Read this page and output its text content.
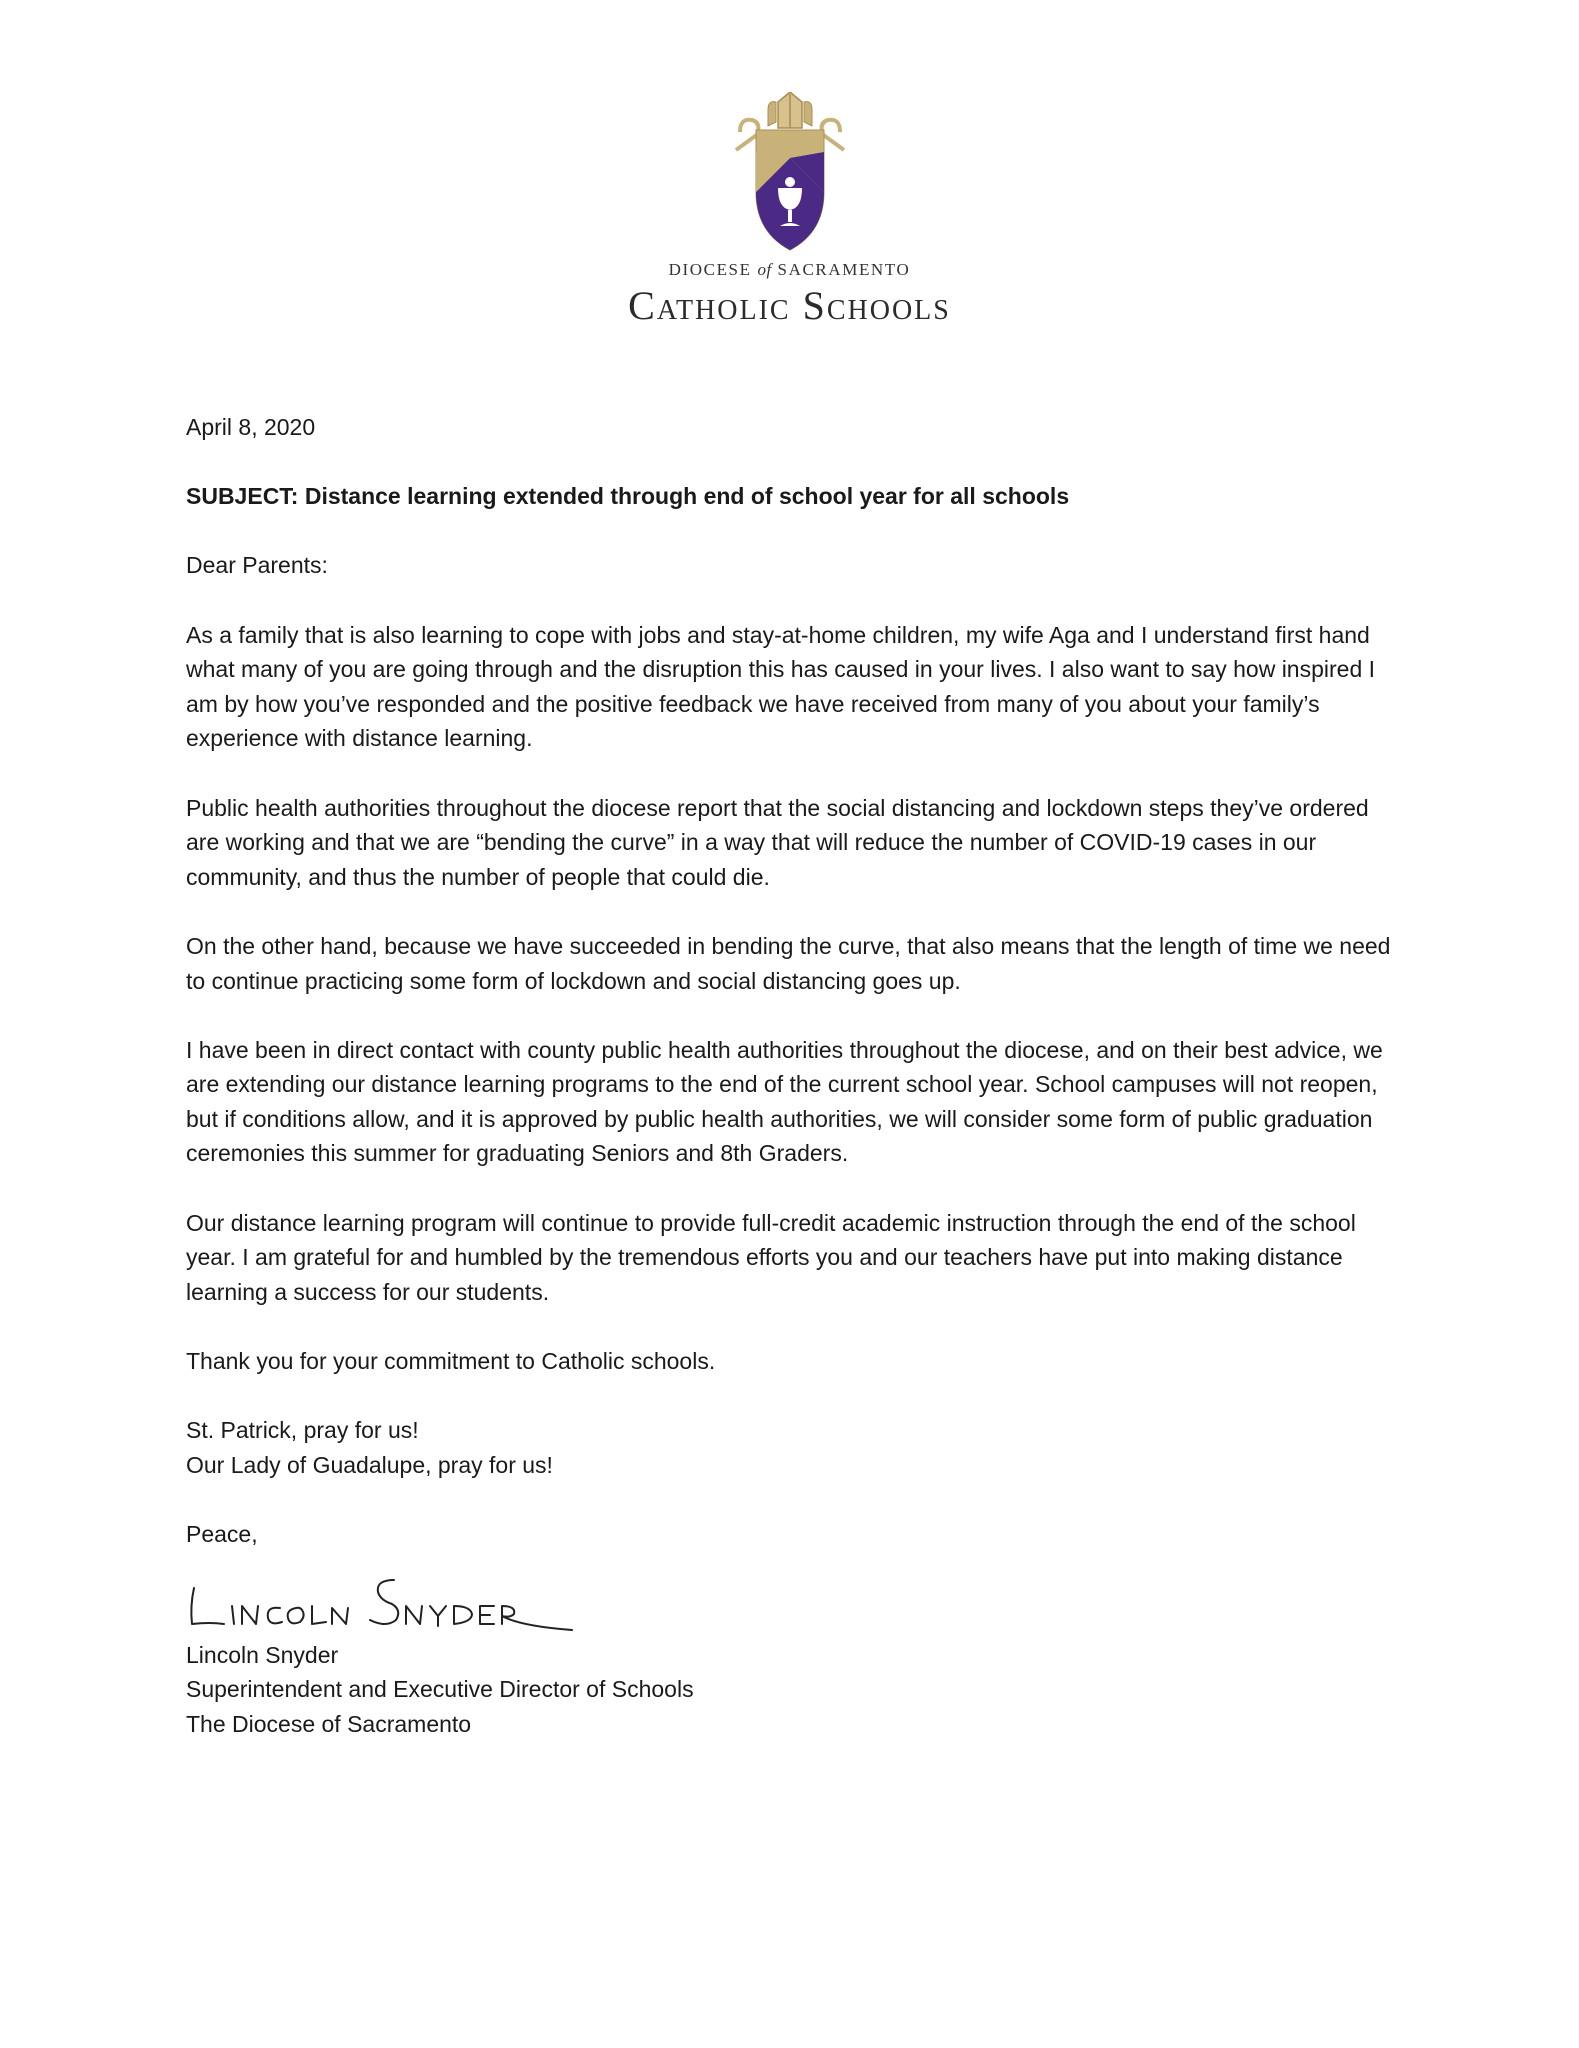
DIOCESE of SACRAMENTO
Catholic Schools

April 8, 2020

SUBJECT: Distance learning extended through end of school year for all schools

Dear Parents:

As a family that is also learning to cope with jobs and stay-at-home children, my wife Aga and I understand first hand what many of you are going through and the disruption this has caused in your lives. I also want to say how inspired I am by how you’ve responded and the positive feedback we have received from many of you about your family’s experience with distance learning.

Public health authorities throughout the diocese report that the social distancing and lockdown steps they’ve ordered are working and that we are “bending the curve” in a way that will reduce the number of COVID-19 cases in our community, and thus the number of people that could die.

On the other hand, because we have succeeded in bending the curve, that also means that the length of time we need to continue practicing some form of lockdown and social distancing goes up.

I have been in direct contact with county public health authorities throughout the diocese, and on their best advice, we are extending our distance learning programs to the end of the current school year. School campuses will not reopen, but if conditions allow, and it is approved by public health authorities, we will consider some form of public graduation ceremonies this summer for graduating Seniors and 8th Graders.

Our distance learning program will continue to provide full-credit academic instruction through the end of the school year. I am grateful for and humbled by the tremendous efforts you and our teachers have put into making distance learning a success for our students.

Thank you for your commitment to Catholic schools.

St. Patrick, pray for us!

Our Lady of Guadalupe, pray for us!

Peace,

Lincoln Snyder
Superintendent and Executive Director of Schools
The Diocese of Sacramento
